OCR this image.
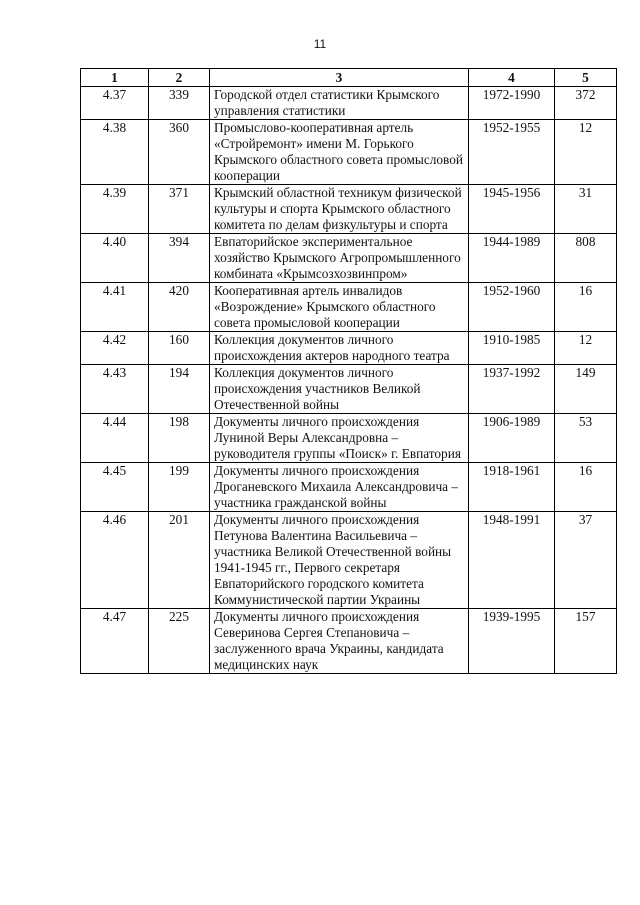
11
1	2	3	4	5
4.37	339	Городской отдел статистики Крымского управления статистики	1972-1990	372
4.38	360	Промыслово-кооперативная артель «Стройремонт» имени М. Горького Крымского областного совета промысловой кооперации	1952-1955	12
4.39	371	Крымский областной техникум физической культуры и спорта Крымского областного комитета по делам физкультуры и спорта	1945-1956	31
4.40	394	Евпаторийское экспериментальное хозяйство Крымского Агропромышленного комбината «Крымсозхозвинпром»	1944-1989	808
4.41	420	Кооперативная артель инвалидов «Возрождение» Крымского областного совета промысловой кооперации	1952-1960	16
4.42	160	Коллекция документов личного происхождения актеров народного театра	1910-1985	12
4.43	194	Коллекция документов личного происхождения участников Великой Отечественной войны	1937-1992	149
4.44	198	Документы личного происхождения Луниной Веры Александровна – руководителя группы «Поиск» г. Евпатория	1906-1989	53
4.45	199	Документы личного происхождения Дроганевского Михаила Александровича – участника гражданской войны	1918-1961	16
4.46	201	Документы личного происхождения Петунова Валентина Васильевича – участника Великой Отечественной войны 1941-1945 гг., Первого секретаря Евпаторийского городского комитета Коммунистической партии Украины	1948-1991	37
4.47	225	Документы личного происхождения Северинова Сергея Степановича – заслуженного врача Украины, кандидата медицинских наук	1939-1995	157
